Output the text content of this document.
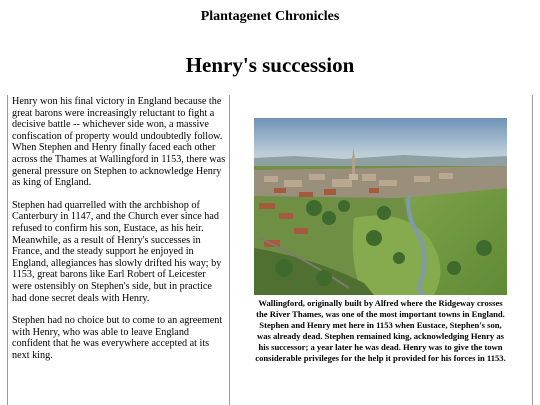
Plantagenet Chronicles
Henry's succession

Henry won his final victory in England because the great barons were increasingly reluctant to fight a decisive battle -- whichever side won, a massive confiscation of property would undoubtedly follow. When Stephen and Henry finally faced each other across the Thames at Wallingford in 1153, there was general pressure on Stephen to acknowledge Henry as king of England.

Stephen had quarrelled with the archbishop of Canterbury in 1147, and the Church ever since had refused to confirm his son, Eustace, as his heir. Meanwhile, as a result of Henry's successes in France, and the steady support he enjoyed in England, allegiances has slowly drifted his way; by 1153, great barons like Earl Robert of Leicester were ostensibly on Stephen's side, but in practice had done secret deals with Henry.

Stephen had no choice but to come to an agreement with Henry, who was able to leave England confident that he was everywhere accepted at its next king.

Wallingford, originally built by Alfred where the Ridgeway crosses the River Thames, was one of the most important towns in England. Stephen and Henry met here in 1153 when Eustace, Stephen's son, was already dead. Stephen remained king, acknowledging Henry as his successor; a year later he was dead. Henry was to give the town considerable privileges for the help it provided for his forces in 1153.
